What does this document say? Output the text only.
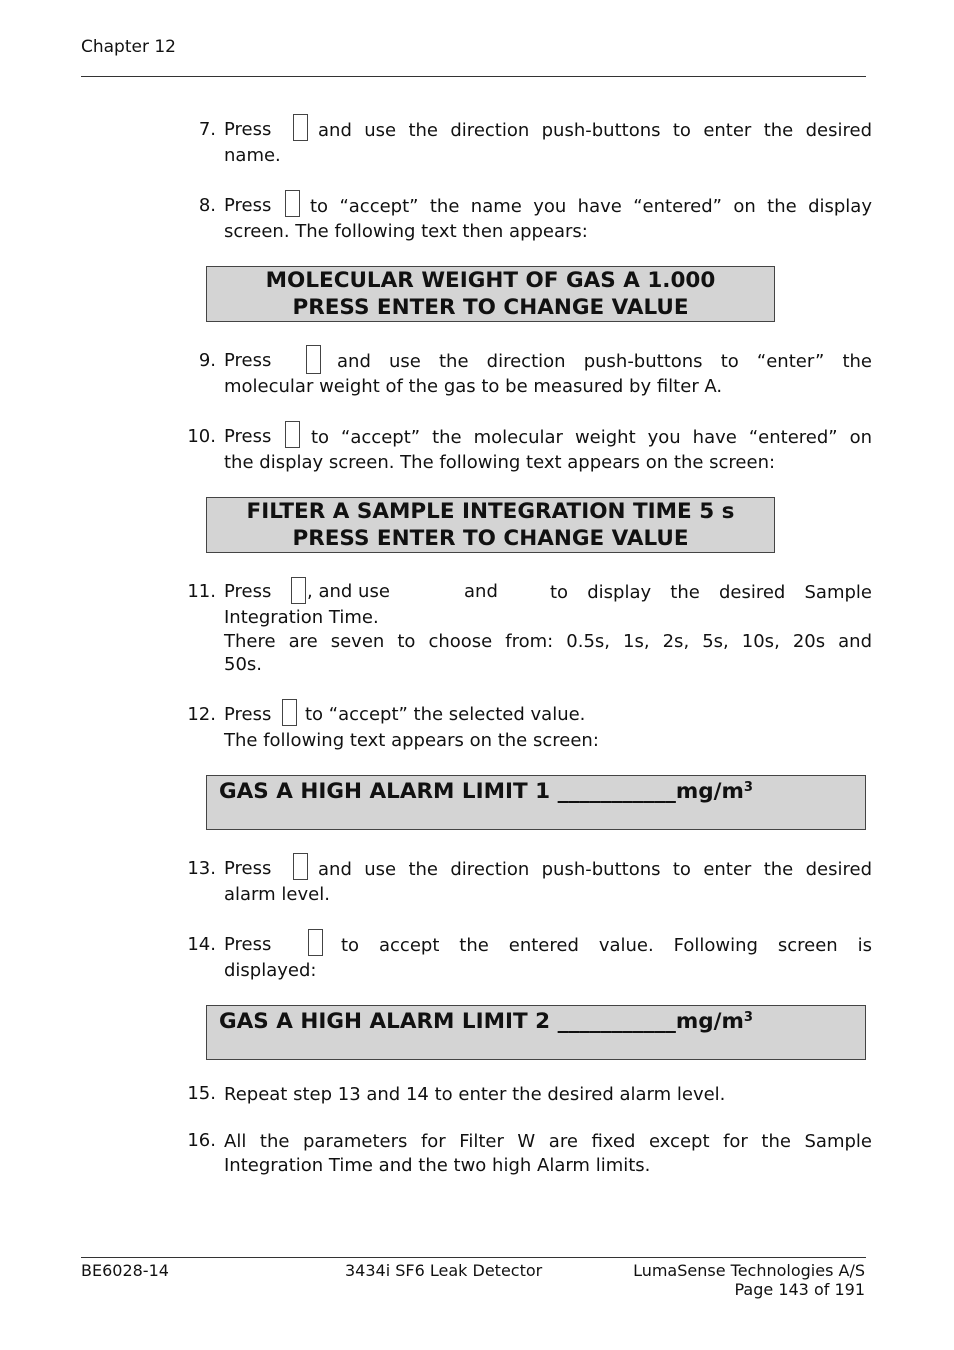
Chapter 12
7. Press	and use the direction push-buttons to enter the desired
name.
8. Press to “accept” the name you have “entered” on the display
screen. The following text then appears:
MOLECULAR WEIGHT OF GAS A 1.000
PRESS ENTER TO CHANGE VALUE
9. Press	and use the direction push-buttons to “enter” the
molecular weight of the gas to be measured by filter A.
10. Press to “accept” the molecular weight you have “entered” on
the display screen. The following text appears on the screen:
FILTER A SAMPLE INTEGRATION TIME 5 s
PRESS ENTER TO CHANGE VALUE
11. Press , and use	and	to display the desired Sample
Integration Time.
There are seven to choose from: 0.5s, 1s, 2s, 5s, 10s, 20s and
50s.
12. Press to “accept” the selected value.
The following text appears on the screen:
GAS A HIGH ALARM LIMIT 1 $\_\_\_\_\_\_\_\_\_\_\_mg/m^3$
13. Press	and use the direction push-buttons to enter the desired
alarm level.
14. Press	to accept the entered value. Following screen is
displayed:
GAS A HIGH ALARM LIMIT 2 $\_\_\_\_\_\_\_\_\_\_\_mg/m^3$
15. Repeat step 13 and 14 to enter the desired alarm level.
16. All the parameters for Filter W are fixed except for the Sample
Integration Time and the two high Alarm limits.
BE6028-14	3434i SF6 Leak Detector	LumaSense Technologies A/S
Page 143 of 191
